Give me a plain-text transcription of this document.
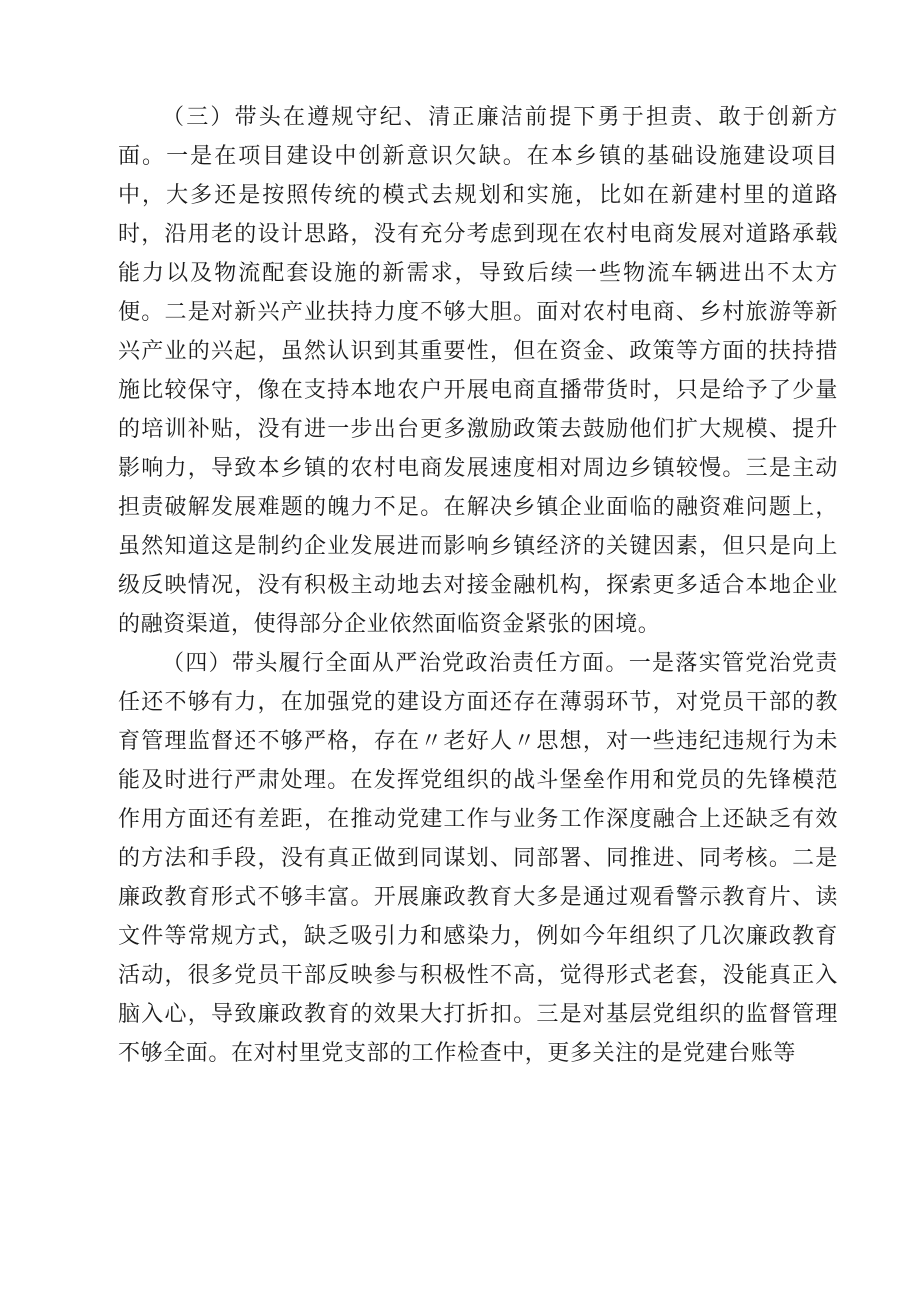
（三）带头在遵规守纪、清正廉洁前提下勇于担责、敢于创新方面。一是在项目建设中创新意识欠缺。在本乡镇的基础设施建设项目中，大多还是按照传统的模式去规划和实施，比如在新建村里的道路时，沿用老的设计思路，没有充分考虑到现在农村电商发展对道路承载能力以及物流配套设施的新需求，导致后续一些物流车辆进出不太方便。二是对新兴产业扶持力度不够大胆。面对农村电商、乡村旅游等新兴产业的兴起，虽然认识到其重要性，但在资金、政策等方面的扶持措施比较保守，像在支持本地农户开展电商直播带货时，只是给予了少量的培训补贴，没有进一步出台更多激励政策去鼓励他们扩大规模、提升影响力，导致本乡镇的农村电商发展速度相对周边乡镇较慢。三是主动担责破解发展难题的魄力不足。在解决乡镇企业面临的融资难问题上，虽然知道这是制约企业发展进而影响乡镇经济的关键因素，但只是向上级反映情况，没有积极主动地去对接金融机构，探索更多适合本地企业的融资渠道，使得部分企业依然面临资金紧张的困境。

（四）带头履行全面从严治党政治责任方面。一是落实管党治党责任还不够有力，在加强党的建设方面还存在薄弱环节，对党员干部的教育管理监督还不够严格，存在〃老好人〃思想，对一些违纪违规行为未能及时进行严肃处理。在发挥党组织的战斗堡垒作用和党员的先锋模范作用方面还有差距，在推动党建工作与业务工作深度融合上还缺乏有效的方法和手段，没有真正做到同谋划、同部署、同推进、同考核。二是廉政教育形式不够丰富。开展廉政教育大多是通过观看警示教育片、读文件等常规方式，缺乏吸引力和感染力，例如今年组织了几次廉政教育活动，很多党员干部反映参与积极性不高，觉得形式老套，没能真正入脑入心，导致廉政教育的效果大打折扣。三是对基层党组织的监督管理不够全面。在对村里党支部的工作检查中，更多关注的是党建台账等
